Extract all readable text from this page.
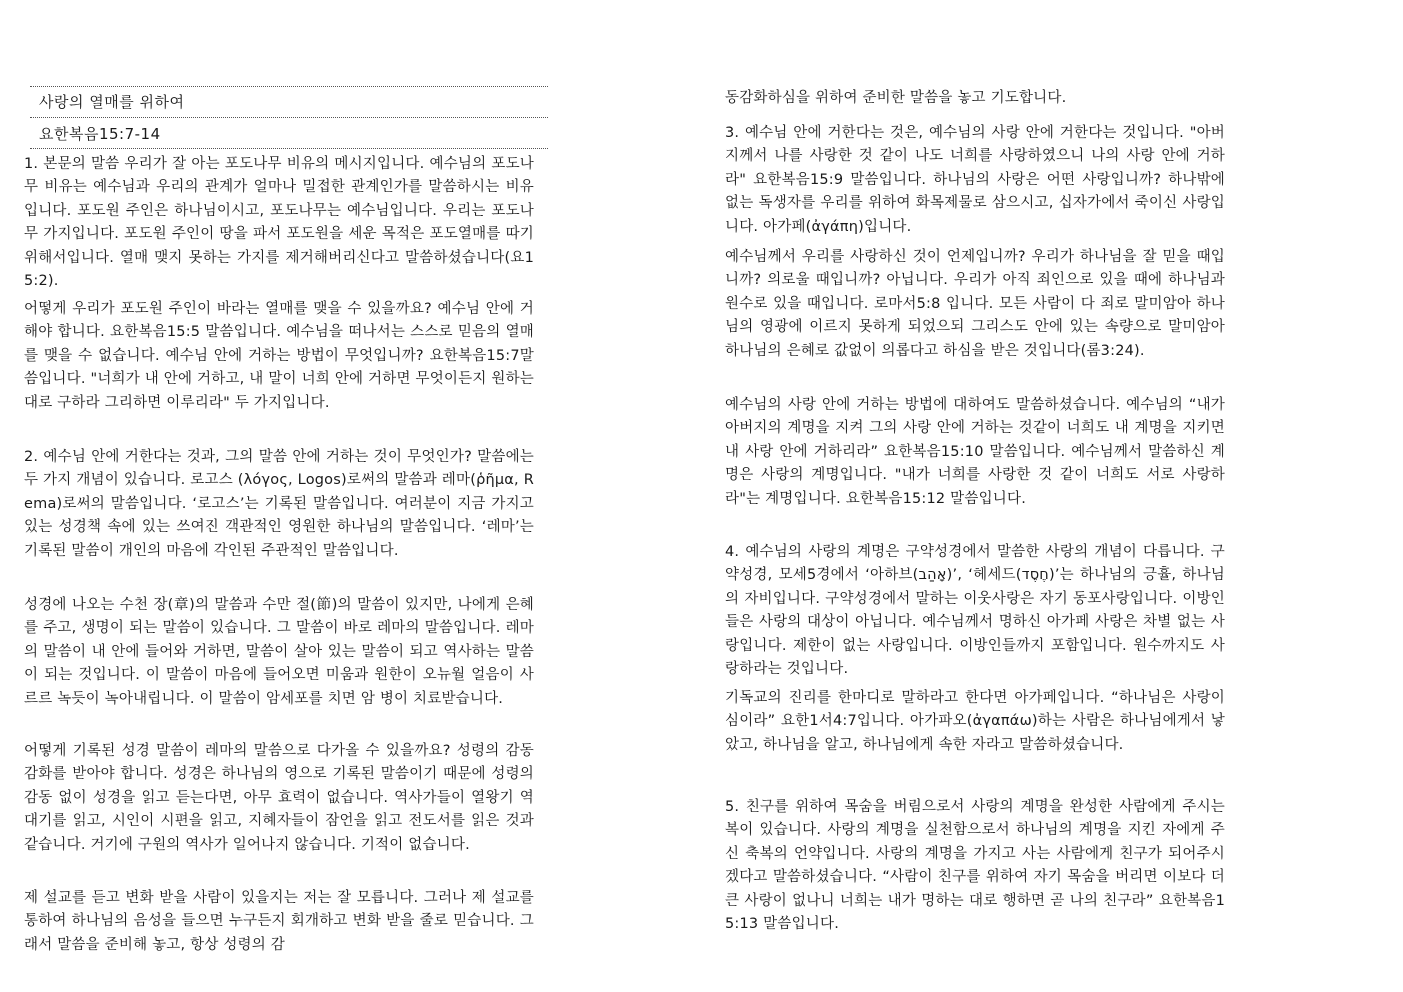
사랑의 열매를 위하여
요한복음15:7-14

1. 본문의 말씀 우리가 잘 아는 포도나무 비유의 메시지입니다. 예수님의 포도나무 비유는 예수님과 우리의 관계가 얼마나 밀접한 관계인가를 말씀하시는 비유입니다. 포도원 주인은 하나님이시고, 포도나무는 예수님입니다. 우리는 포도나무 가지입니다. 포도원 주인이 땅을 파서 포도원을 세운 목적은 포도열매를 따기 위해서입니다. 열매 맺지 못하는 가지를 제거해버리신다고 말씀하셨습니다(요15:2).

어떻게 우리가 포도원 주인이 바라는 열매를 맺을 수 있을까요? 예수님 안에 거해야 합니다. 요한복음15:5 말씀입니다. 예수님을 떠나서는 스스로 믿음의 열매를 맺을 수 없습니다. 예수님 안에 거하는 방법이 무엇입니까? 요한복음15:7말씀입니다. "너희가 내 안에 거하고, 내 말이 너희 안에 거하면 무엇이든지 원하는 대로 구하라 그리하면 이루리라" 두 가지입니다.

2. 예수님 안에 거한다는 것과, 그의 말씀 안에 거하는 것이 무엇인가? 말씀에는 두 가지 개념이 있습니다. 로고스 (λόγος, Logos)로써의 말씀과 레마(ῥῆμα, Rema)로써의 말씀입니다. ‘로고스’는 기록된 말씀입니다. 여러분이 지금 가지고 있는 성경책 속에 있는 쓰여진 객관적인 영원한 하나님의 말씀입니다. ‘레마’는 기록된 말씀이 개인의 마음에 각인된 주관적인 말씀입니다.

성경에 나오는 수천 장(章)의 말씀과 수만 절(節)의 말씀이 있지만, 나에게 은혜를 주고, 생명이 되는 말씀이 있습니다. 그 말씀이 바로 레마의 말씀입니다. 레마의 말씀이 내 안에 들어와 거하면, 말씀이 살아 있는 말씀이 되고 역사하는 말씀이 되는 것입니다. 이 말씀이 마음에 들어오면 미움과 원한이 오뉴월 얼음이 사르르 녹듯이 녹아내립니다. 이 말씀이 암세포를 치면 암 병이 치료받습니다.

어떻게 기록된 성경 말씀이 레마의 말씀으로 다가올 수 있을까요? 성령의 감동감화를 받아야 합니다. 성경은 하나님의 영으로 기록된 말씀이기 때문에 성령의 감동 없이 성경을 읽고 듣는다면, 아무 효력이 없습니다. 역사가들이 열왕기 역대기를 읽고, 시인이 시편을 읽고, 지혜자들이 잠언을 읽고 전도서를 읽은 것과 같습니다. 거기에 구원의 역사가 일어나지 않습니다. 기적이 없습니다.

제 설교를 듣고 변화 받을 사람이 있을지는 저는 잘 모릅니다. 그러나 제 설교를 통하여 하나님의 음성을 들으면 누구든지 회개하고 변화 받을 줄로 믿습니다. 그래서 말씀을 준비해 놓고, 항상 성령의 감

동감화하심을 위하여 준비한 말씀을 놓고 기도합니다.

3. 예수님 안에 거한다는 것은, 예수님의 사랑 안에 거한다는 것입니다. "아버지께서 나를 사랑한 것 같이 나도 너희를 사랑하였으니 나의 사랑 안에 거하라" 요한복음15:9 말씀입니다. 하나님의 사랑은 어떤 사랑입니까? 하나밖에 없는 독생자를 우리를 위하여 화목제물로 삼으시고, 십자가에서 죽이신 사랑입니다. 아가페(ἀγάπη)입니다.

예수님께서 우리를 사랑하신 것이 언제입니까? 우리가 하나님을 잘 믿을 때입니까? 의로울 때입니까? 아닙니다. 우리가 아직 죄인으로 있을 때에 하나님과 원수로 있을 때입니다. 로마서5:8 입니다. 모든 사람이 다 죄로 말미암아 하나님의 영광에 이르지 못하게 되었으되 그리스도 안에 있는 속량으로 말미암아 하나님의 은혜로 값없이 의롭다고 하심을 받은 것입니다(롬3:24).

예수님의 사랑 안에 거하는 방법에 대하여도 말씀하셨습니다. 예수님의 “내가 아버지의 계명을 지켜 그의 사랑 안에 거하는 것같이 너희도 내 계명을 지키면 내 사랑 안에 거하리라” 요한복음15:10 말씀입니다. 예수님께서 말씀하신 계명은 사랑의 계명입니다. "내가 너희를 사랑한 것 같이 너희도 서로 사랑하라"는 계명입니다. 요한복음15:12 말씀입니다.

4. 예수님의 사랑의 계명은 구약성경에서 말씀한 사랑의 개념이 다릅니다. 구약성경, 모세5경에서 ‘아하브(אָהַב)’, ‘헤세드(חֶסֶד)’는 하나님의 긍휼, 하나님의 자비입니다. 구약성경에서 말하는 이웃사랑은 자기 동포사랑입니다. 이방인들은 사랑의 대상이 아닙니다. 예수님께서 명하신 아가페 사랑은 차별 없는 사랑입니다. 제한이 없는 사랑입니다. 이방인들까지 포함입니다. 원수까지도 사랑하라는 것입니다.

기독교의 진리를 한마디로 말하라고 한다면 아가페입니다. “하나님은 사랑이심이라” 요한1서4:7입니다. 아가파오(ἀγαπάω)하는 사람은 하나님에게서 낳았고, 하나님을 알고, 하나님에게 속한 자라고 말씀하셨습니다.

5. 친구를 위하여 목숨을 버림으로서 사랑의 계명을 완성한 사람에게 주시는 복이 있습니다. 사랑의 계명을 실천함으로서 하나님의 계명을 지킨 자에게 주신 축복의 언약입니다. 사랑의 계명을 가지고 사는 사람에게 친구가 되어주시겠다고 말씀하셨습니다. “사람이 친구를 위하여 자기 목숨을 버리면 이보다 더 큰 사랑이 없나니 너희는 내가 명하는 대로 행하면 곧 나의 친구라” 요한복음15:13 말씀입니다.
